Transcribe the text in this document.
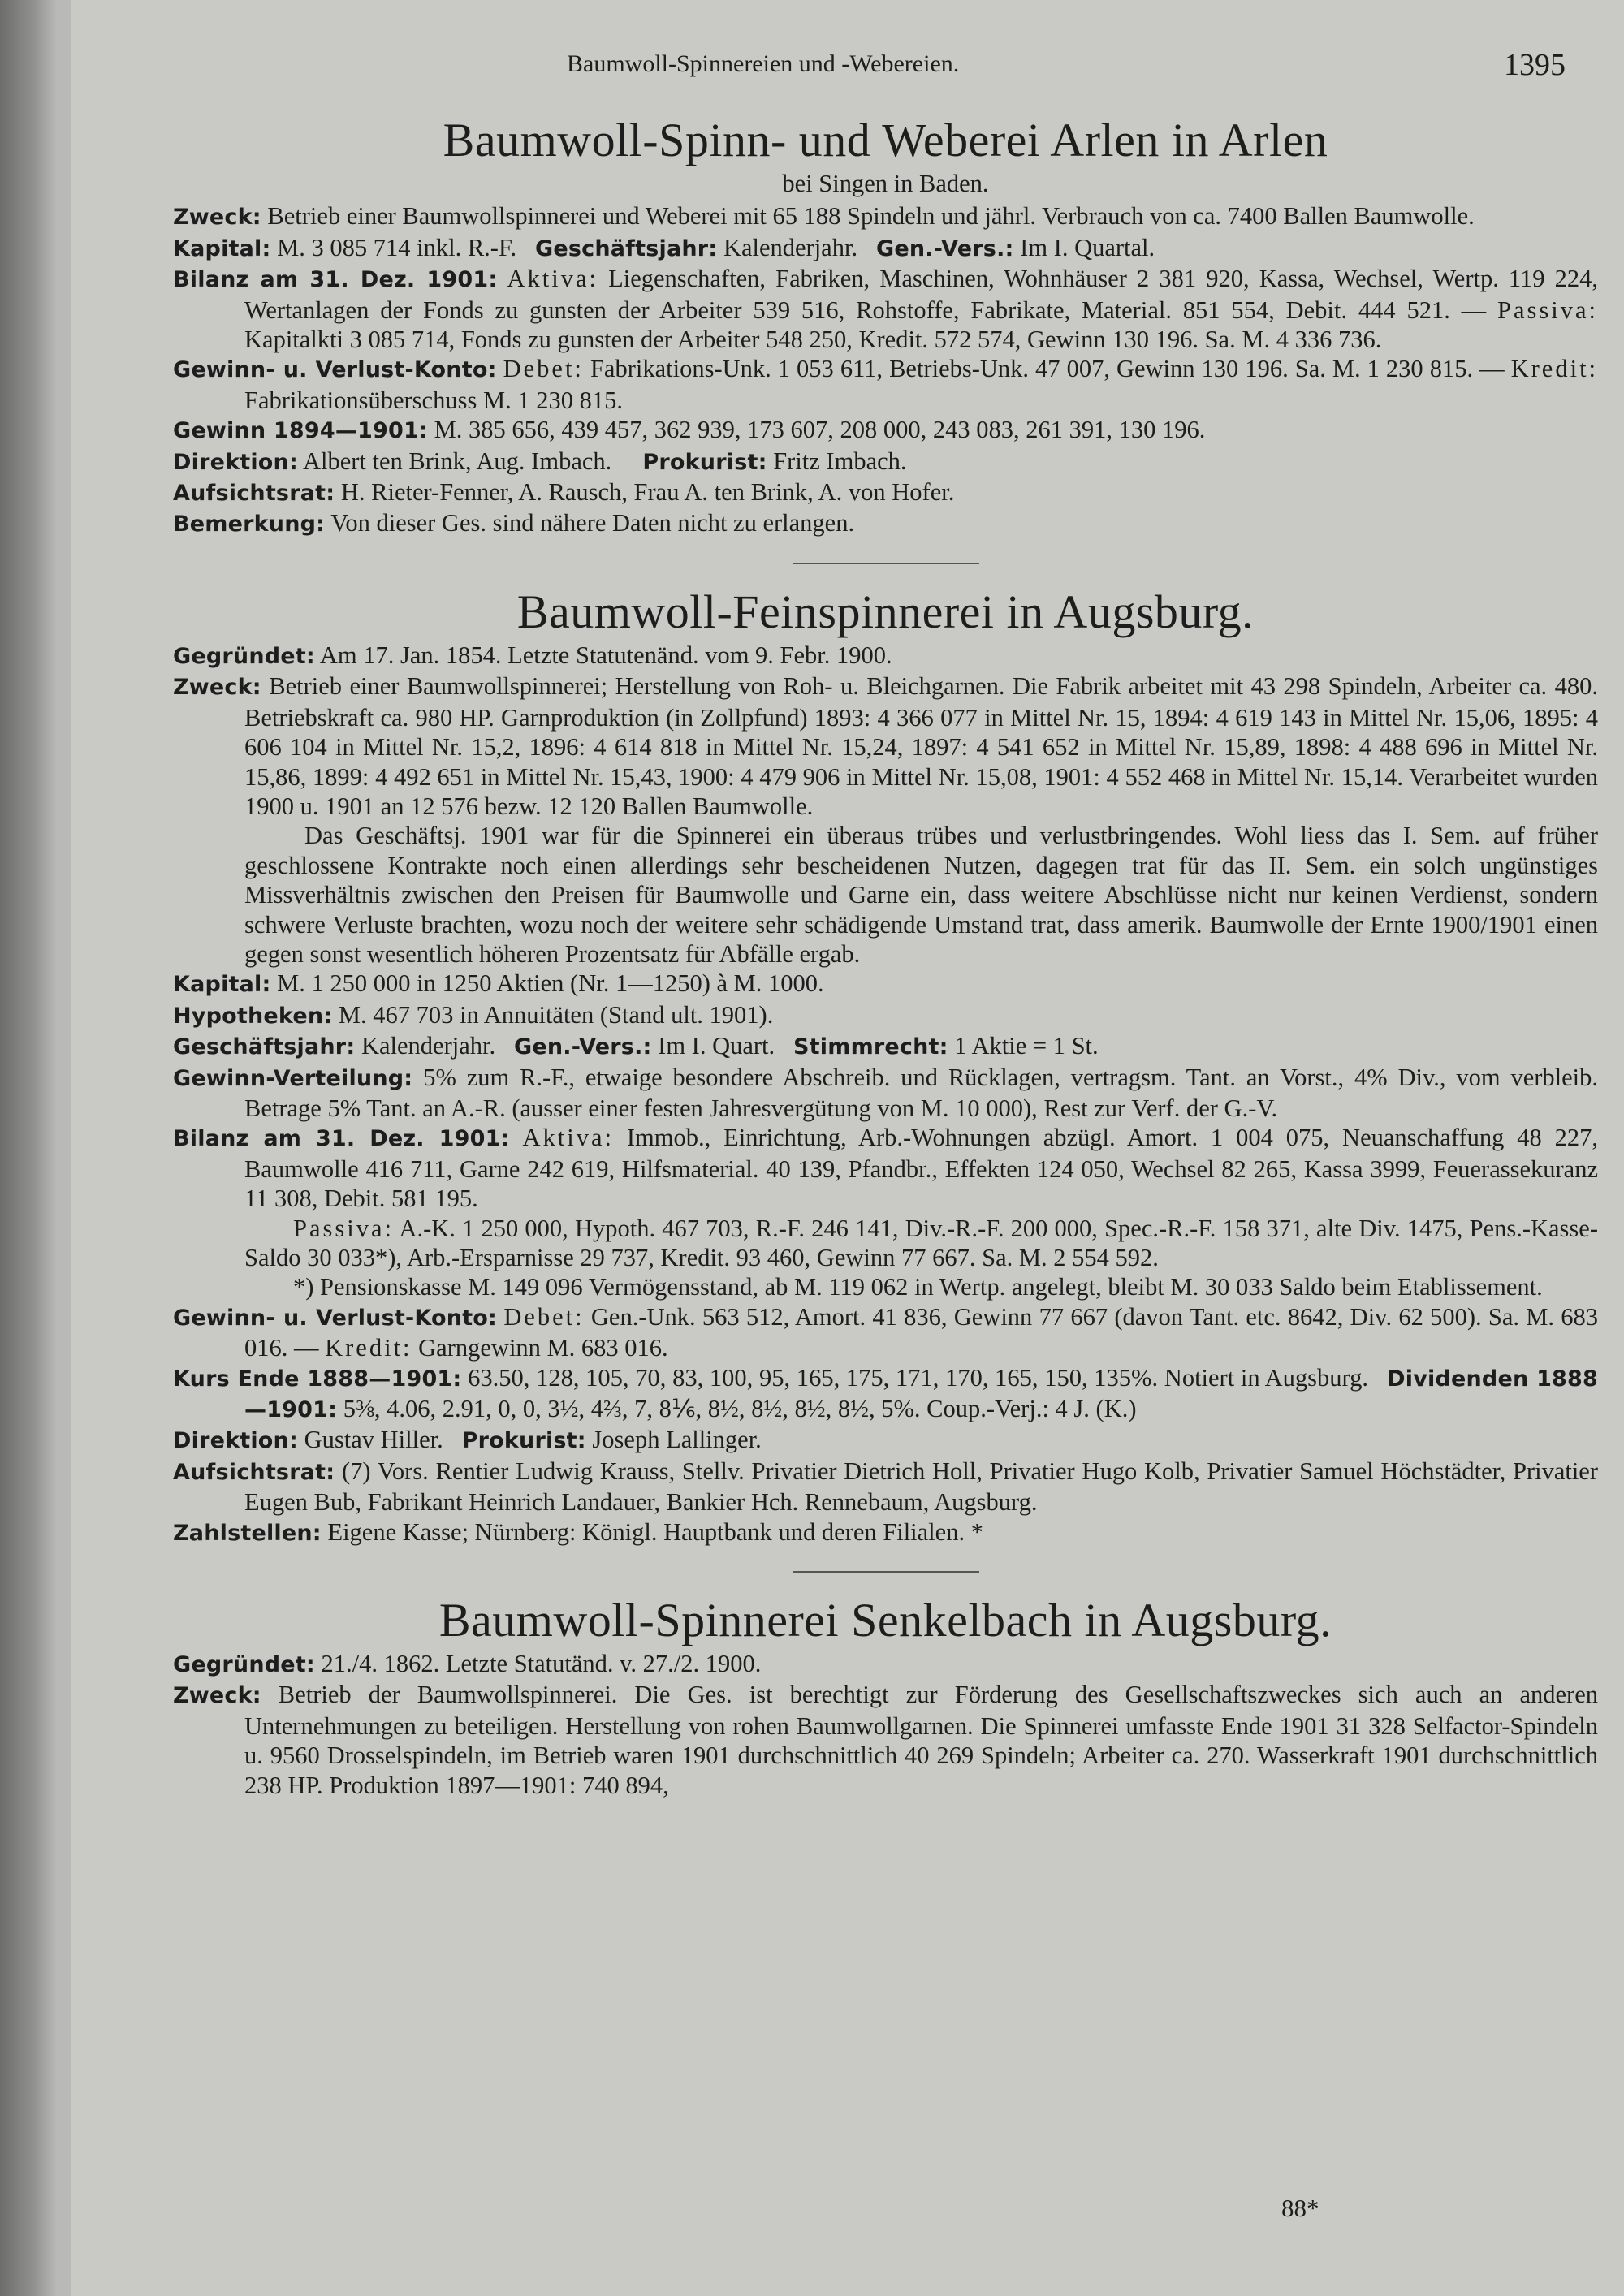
Baumwoll-Spinnereien und -Webereien.	1395
Baumwoll-Spinn- und Weberei Arlen in Arlen

bei Singen in Baden.

Zweck: Betrieb einer Baumwollspinnerei und Weberei mit 65 188 Spindeln und jährl. Verbrauch von ca. 7400 Ballen Baumwolle.

Kapital: M. 3 085 714 inkl. R.-F. Geschäftsjahr: Kalenderjahr. Gen.-Vers.: Im I. Quartal.

Bilanz am 31. Dez. 1901: Aktiva: Liegenschaften, Fabriken, Maschinen, Wohnhäuser 2 381 920, Kassa, Wechsel, Wertp. 119 224, Wertanlagen der Fonds zu gunsten der Arbeiter 539 516, Rohstoffe, Fabrikate, Material. 851 554, Debit. 444 521. — Passiva: Kapitalkti 3 085 714, Fonds zu gunsten der Arbeiter 548 250, Kredit. 572 574, Gewinn 130 196. Sa. M. 4 336 736.

Gewinn- u. Verlust-Konto: Debet: Fabrikations-Unk. 1 053 611, Betriebs-Unk. 47 007, Gewinn 130 196. Sa. M. 1 230 815. — Kredit: Fabrikationsüberschuss M. 1 230 815.

Gewinn 1894—1901: M. 385 656, 439 457, 362 939, 173 607, 208 000, 243 083, 261 391, 130 196.

Direktion: Albert ten Brink, Aug. Imbach. Prokurist: Fritz Imbach.

Aufsichtsrat: H. Rieter-Fenner, A. Rausch, Frau A. ten Brink, A. von Hofer.

Bemerkung: Von dieser Ges. sind nähere Daten nicht zu erlangen.

Baumwoll-Feinspinnerei in Augsburg.

Gegründet: Am 17. Jan. 1854. Letzte Statutenänd. vom 9. Febr. 1900.

Zweck: Betrieb einer Baumwollspinnerei; Herstellung von Roh- u. Bleichgarnen. Die Fabrik arbeitet mit 43 298 Spindeln, Arbeiter ca. 480. Betriebskraft ca. 980 HP. Garnproduktion (in Zollpfund) 1893: 4 366 077 in Mittel Nr. 15, 1894: 4 619 143 in Mittel Nr. 15,06, 1895: 4 606 104 in Mittel Nr. 15,2, 1896: 4 614 818 in Mittel Nr. 15,24, 1897: 4 541 652 in Mittel Nr. 15,89, 1898: 4 488 696 in Mittel Nr. 15,86, 1899: 4 492 651 in Mittel Nr. 15,43, 1900: 4 479 906 in Mittel Nr. 15,08, 1901: 4 552 468 in Mittel Nr. 15,14. Verarbeitet wurden 1900 u. 1901 an 12 576 bezw. 12 120 Ballen Baumwolle.

Das Geschäftsj. 1901 war für die Spinnerei ein überaus trübes und verlustbringendes. Wohl liess das I. Sem. auf früher geschlossene Kontrakte noch einen allerdings sehr bescheidenen Nutzen, dagegen trat für das II. Sem. ein solch ungünstiges Missverhältnis zwischen den Preisen für Baumwolle und Garne ein, dass weitere Abschlüsse nicht nur keinen Verdienst, sondern schwere Verluste brachten, wozu noch der weitere sehr schädigende Umstand trat, dass amerik. Baumwolle der Ernte 1900/1901 einen gegen sonst wesentlich höheren Prozentsatz für Abfälle ergab.

Kapital: M. 1 250 000 in 1250 Aktien (Nr. 1—1250) à M. 1000.

Hypotheken: M. 467 703 in Annuitäten (Stand ult. 1901).

Geschäftsjahr: Kalenderjahr. Gen.-Vers.: Im I. Quart. Stimmrecht: 1 Aktie = 1 St.

Gewinn-Verteilung: 5% zum R.-F., etwaige besondere Abschreib. und Rücklagen, vertragsm. Tant. an Vorst., 4% Div., vom verbleib. Betrage 5% Tant. an A.-R. (ausser einer festen Jahresvergütung von M. 10 000), Rest zur Verf. der G.-V.

Bilanz am 31. Dez. 1901: Aktiva: Immob., Einrichtung, Arb.-Wohnungen abzügl. Amort. 1 004 075, Neuanschaffung 48 227, Baumwolle 416 711, Garne 242 619, Hilfsmaterial. 40 139, Pfandbr., Effekten 124 050, Wechsel 82 265, Kassa 3999, Feuerassekuranz 11 308, Debit. 581 195.

Passiva: A.-K. 1 250 000, Hypoth. 467 703, R.-F. 246 141, Div.-R.-F. 200 000, Spec.-R.-F. 158 371, alte Div. 1475, Pens.-Kasse-Saldo 30 033*), Arb.-Ersparnisse 29 737, Kredit. 93 460, Gewinn 77 667. Sa. M. 2 554 592.

*) Pensionskasse M. 149 096 Vermögensstand, ab M. 119 062 in Wertp. angelegt, bleibt M. 30 033 Saldo beim Etablissement.

Gewinn- u. Verlust-Konto: Debet: Gen.-Unk. 563 512, Amort. 41 836, Gewinn 77 667 (davon Tant. etc. 8642, Div. 62 500). Sa. M. 683 016. — Kredit: Garngewinn M. 683 016.

Kurs Ende 1888—1901: 63.50, 128, 105, 70, 83, 100, 95, 165, 175, 171, 170, 165, 150, 135%. Notiert in Augsburg. Dividenden 1888—1901: 5⅜, 4.06, 2.91, 0, 0, 3½, 4⅔, 7, 8⅙, 8½, 8½, 8½, 8½, 5%. Coup.-Verj.: 4 J. (K.)

Direktion: Gustav Hiller. Prokurist: Joseph Lallinger.

Aufsichtsrat: (7) Vors. Rentier Ludwig Krauss, Stellv. Privatier Dietrich Holl, Privatier Hugo Kolb, Privatier Samuel Höchstädter, Privatier Eugen Bub, Fabrikant Heinrich Landauer, Bankier Hch. Rennebaum, Augsburg.

Zahlstellen: Eigene Kasse; Nürnberg: Königl. Hauptbank und deren Filialen. *

Baumwoll-Spinnerei Senkelbach in Augsburg.

Gegründet: 21./4. 1862. Letzte Statutänd. v. 27./2. 1900.

Zweck: Betrieb der Baumwollspinnerei. Die Ges. ist berechtigt zur Förderung des Gesellschaftszweckes sich auch an anderen Unternehmungen zu beteiligen. Herstellung von rohen Baumwollgarnen. Die Spinnerei umfasste Ende 1901 31 328 Selfactor-Spindeln u. 9560 Drosselspindeln, im Betrieb waren 1901 durchschnittlich 40 269 Spindeln; Arbeiter ca. 270. Wasserkraft 1901 durchschnittlich 238 HP. Produktion 1897—1901: 740 894,

88*
